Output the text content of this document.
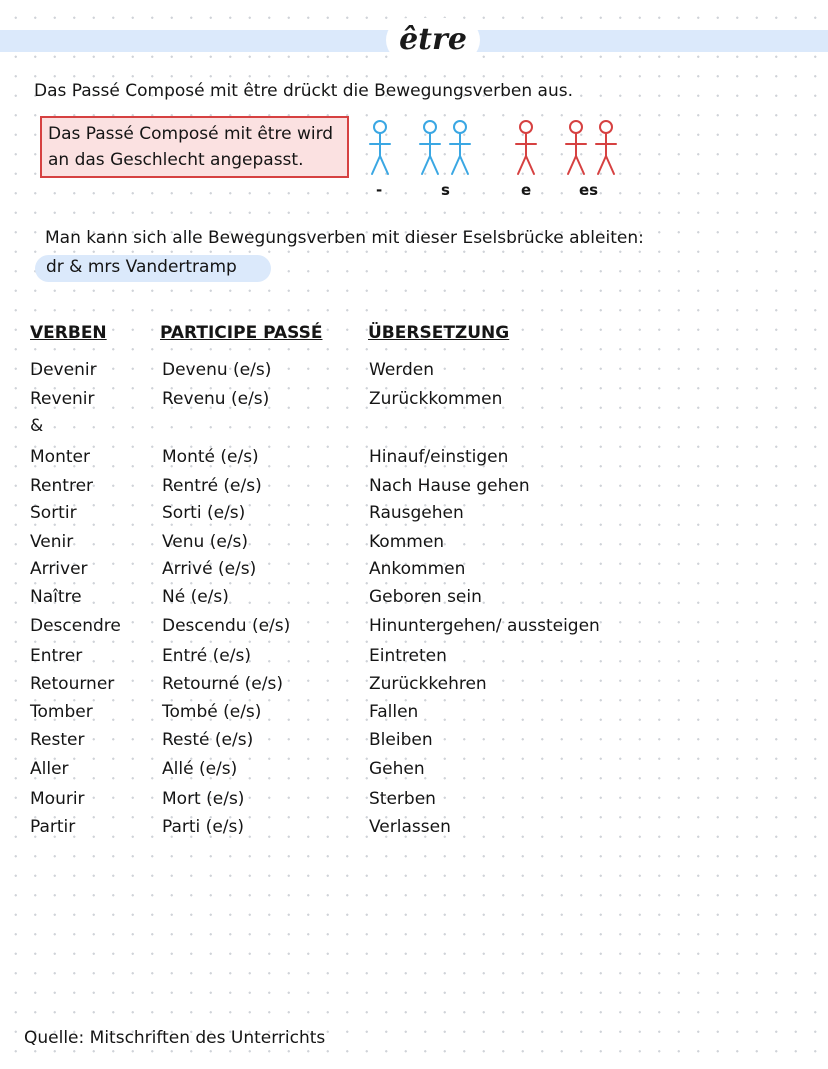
être
Das Passé Composé mit être drückt die Bewegungsverben aus.
Das Passé Composé mit être wird
an das Geschlecht angepasst.
-	s	e	es
Man kann sich alle Bewegungsverben mit dieser Eselsbrücke ableiten:
dr & mrs Vandertramp
VERBEN	PARTICIPE PASSÉ	ÜBERSETZUNG
Devenir	Devenu (e/s)	Werden
Revenir	Revenu (e/s)	Zurückkommen
&
Monter	Monté (e/s)	Hinauf/einstigen
Rentrer	Rentré (e/s)	Nach Hause gehen
Sortir	Sorti (e/s)	Rausgehen
Venir	Venu (e/s)	Kommen
Arriver	Arrivé (e/s)	Ankommen
Naître	Né (e/s)	Geboren sein
Descendre Descendu (e/s)	Hinuntergehen/ aussteigen
Entrer	Entré (e/s)	Eintreten
Retourner	Retourné (e/s)	Zurückkehren
Tomber	Tombé (e/s)	Fallen
Rester	Resté (e/s)	Bleiben
Aller	Allé (e/s)	Gehen
Mourir	Mort (e/s)	Sterben
Partir	Parti (e/s)	Verlassen
Quelle: Mitschriften des Unterrichts
